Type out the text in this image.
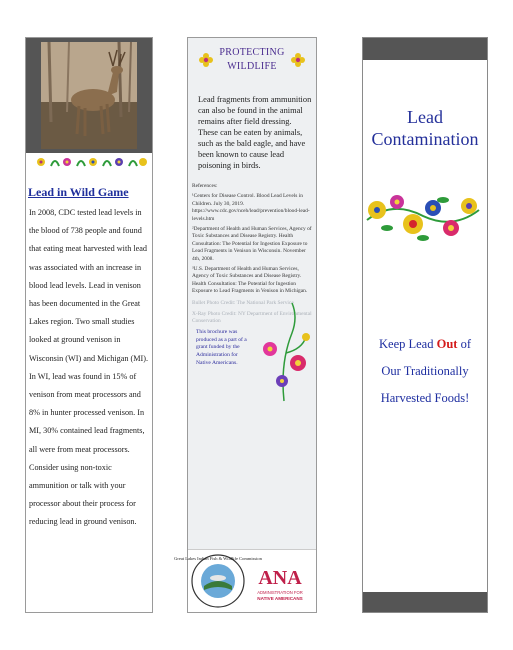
Lead in Wild Game
In 2008, CDC tested lead levels in the blood of 738 people and found that eating meat harvested with lead was associated with an increase in blood lead levels. Lead in venison has been documented in the Great Lakes region. Two small studies looked at ground venison in Wisconsin (WI) and Michigan (MI). In WI, lead was found in 15% of venison from meat processors and 8% in hunter processed venison. In MI, 30% contained lead fragments, all were from meat processors. Consider using non-toxic ammunition or talk with your processor about their process for reducing lead in ground venison.
PROTECTING
WILDLIFE
Lead fragments from ammunition can also be found in the animal remains after field dressing. These can be eaten by animals, such as the bald eagle, and have been known to cause lead poisoning in birds.

References:

¹Centers for Disease Control. Blood Lead Levels in Children. July 30, 2019. https://www.cdc.gov/nceh/lead/prevention/blood-lead-levels.htm

²Department of Health and Human Services, Agency of Toxic Substances and Disease Registry. Health Consultation: The Potential for Ingestion Exposure to Lead Fragments in Venison in Wisconsin. November 4th, 2008.

³U.S. Department of Health and Human Services, Agency of Toxic Substances and Disease Registry. Health Consultation: The Potential for Ingestion Exposure to Lead Fragments in Venison in Michigan.

Bullet Photo Credit: The National Park Service
X-Ray Photo Credit: NY Department of Environmental Conservation
This brochure was produced as a part of a grant funded by the Administration for Native Americans.
Great Lakes Indian Fish & Wildlife Commission
ANA
ADMINISTRATION FOR
NATIVE AMERICANS
Lead
Contamination
Keep Lead Out of
Our Traditionally
Harvested Foods!
